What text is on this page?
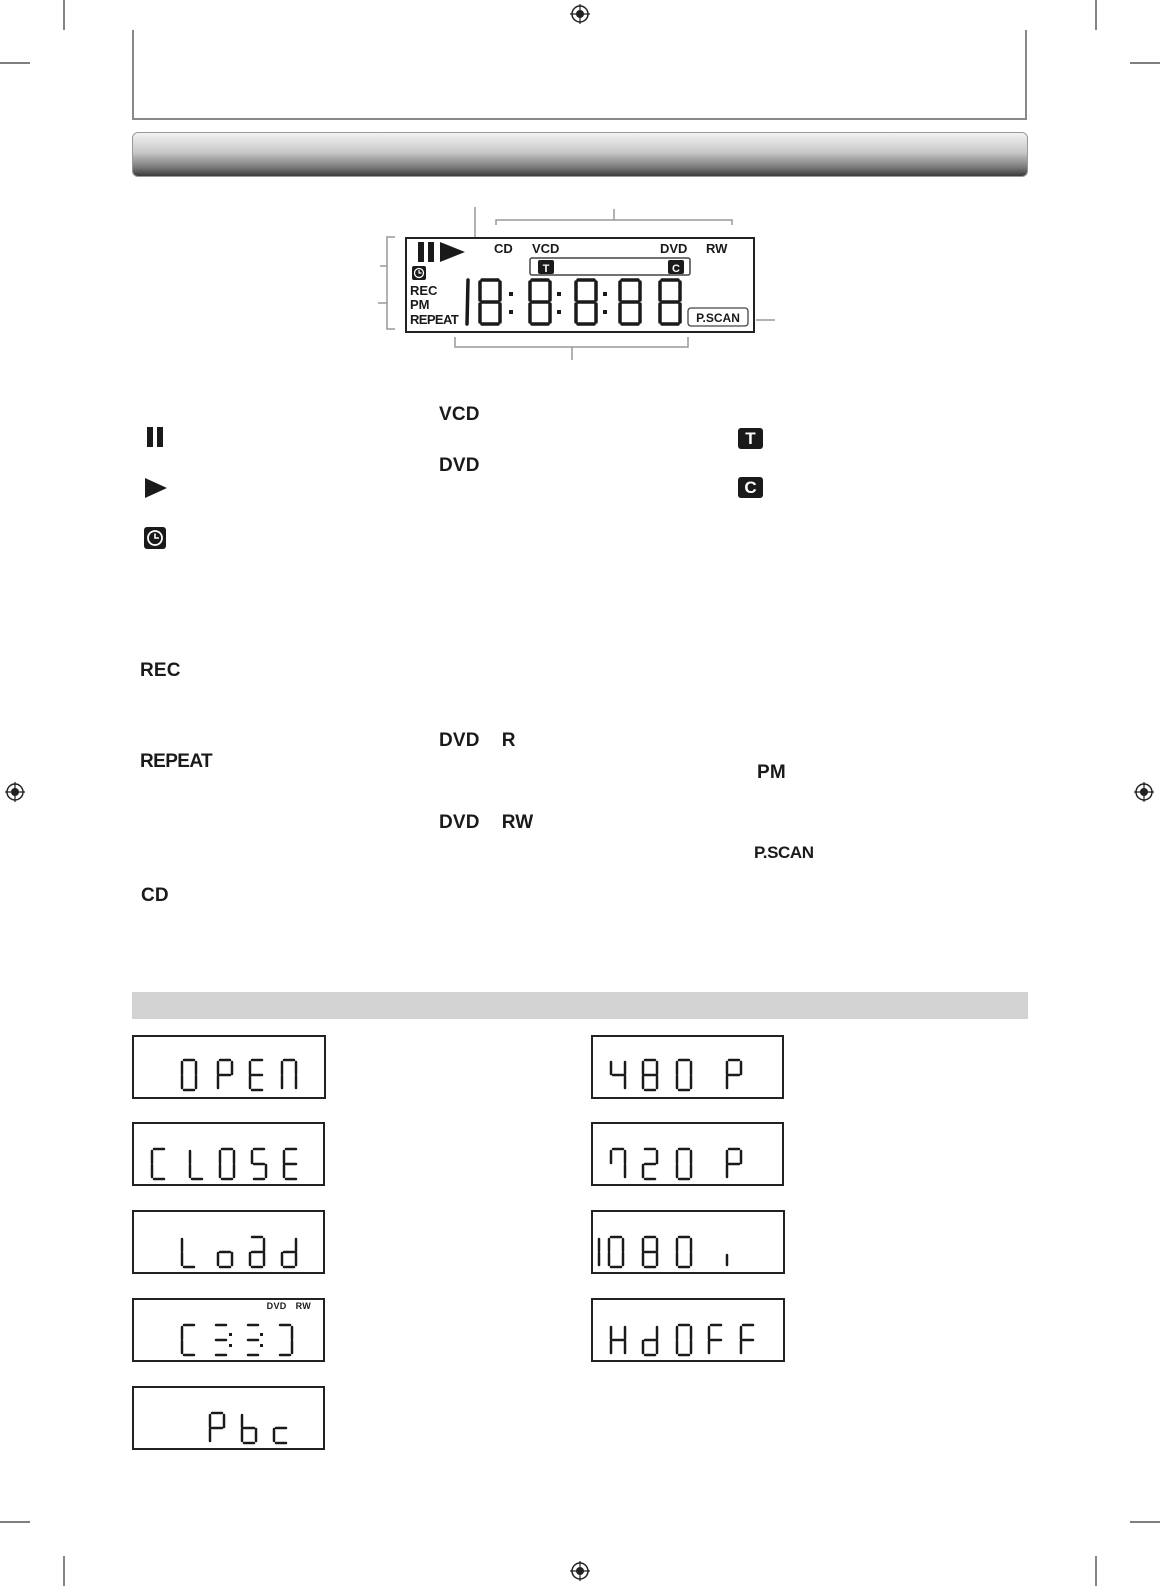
T	C
CD VCD	DVD RW
REC
PM
REPEAT	P.SCAN
REC
REPEAT
CD
VCD
DVD
DVD R
DVD RW
T
C
PM
P.SCAN
DVD RW
